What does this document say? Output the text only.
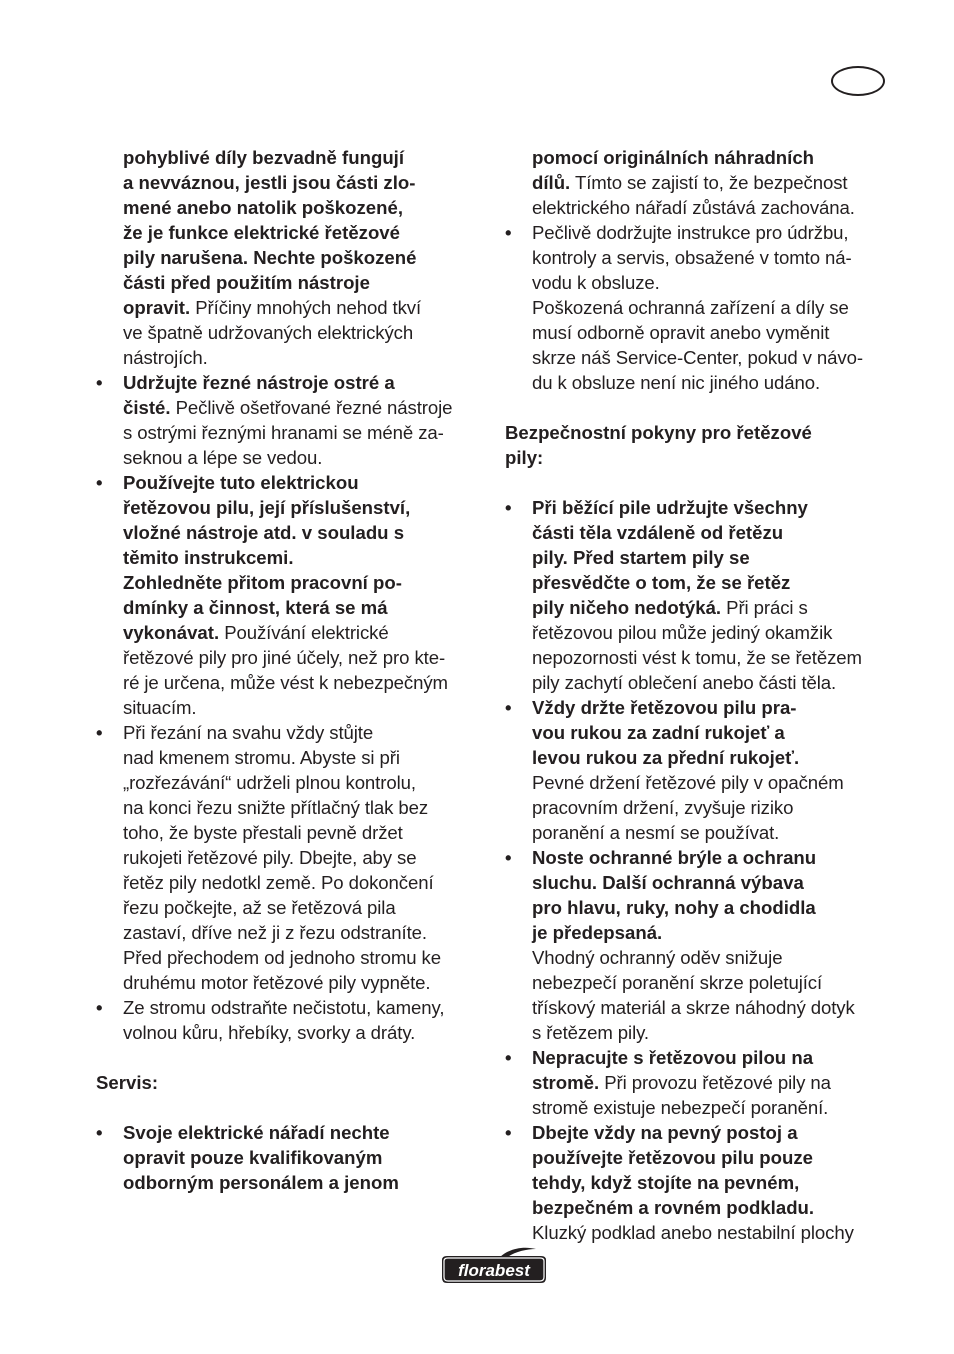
pohyblivé díly bezvadně fungují
a nevváznou, jestli jsou části zlo-
mené anebo natolik poškozené,
že je funkce elektrické řetězové
pily narušena. Nechte poškozené
části před použitím nástroje
opravit. Příčiny mnohých nehod tkví
ve špatně udržovaných elektrických
nástrojích.
•	Udržujte řezné nástroje ostré a
čisté. Pečlivě ošetřované řezné nástroje
s ostrými řeznými hranami se méně za-
seknou a lépe se vedou.
•	Používejte tuto elektrickou
řetězovou pilu, její příslušenství,
vložné nástroje atd. v souladu s
těmito instrukcemi.
Zohledněte přitom pracovní po-
dmínky a činnost, která se má
vykonávat. Používání elektrické
řetězové pily pro jiné účely, než pro kte-
ré je určena, může vést k nebezpečným
situacím.
•	Při řezání na svahu vždy stůjte
nad kmenem stromu. Abyste si při
„rozřezávání“ udrželi plnou kontrolu,
na konci řezu snižte přítlačný tlak bez
toho, že byste přestali pevně držet
rukojeti řetězové pily. Dbejte, aby se
řetěz pily nedotkl země. Po dokončení
řezu počkejte, až se řetězová pila
zastaví, dříve než ji z řezu odstraníte.
Před přechodem od jednoho stromu ke
druhému motor řetězové pily vypněte.
•	Ze stromu odstraňte nečistotu, kameny,
volnou kůru, hřebíky, svorky a dráty.
Servis:
•	Svoje elektrické nářadí nechte
opravit pouze kvalifikovaným
odborným personálem a jenom
pomocí originálních náhradních
dílů. Tímto se zajistí to, že bezpečnost
elektrického nářadí zůstává zachována.
•	Pečlivě dodržujte instrukce pro údržbu,
kontroly a servis, obsažené v tomto ná-
vodu k obsluze.
Poškozená ochranná zařízení a díly se
musí odborně opravit anebo vyměnit
skrze náš Service-Center, pokud v návo-
du k obsluze není nic jiného udáno.
Bezpečnostní pokyny pro řetězové
pily:
•	Při běžící pile udržujte všechny
části těla vzdáleně od řetězu
pily. Před startem pily se
přesvědčte o tom, že se řetěz
pily ničeho nedotýká. Při práci s
řetězovou pilou může jediný okamžik
nepozornosti vést k tomu, že se řetězem
pily zachytí oblečení anebo části těla.
•	Vždy držte řetězovou pilu pra-
vou rukou za zadní rukojeť a
levou rukou za přední rukojeť.
Pevné držení řetězové pily v opačném
pracovním držení, zvyšuje riziko
poranění a nesmí se používat.
•	Noste ochranné brýle a ochranu
sluchu. Další ochranná výbava
pro hlavu, ruky, nohy a chodidla
je předepsaná.
Vhodný ochranný oděv snižuje
nebezpečí poranění skrze poletující
třískový materiál a skrze náhodný dotyk
s řetězem pily.
•	Nepracujte s řetězovou pilou na
stromě. Při provozu řetězové pily na
stromě existuje nebezpečí poranění.
•	Dbejte vždy na pevný postoj a
používejte řetězovou pilu pouze
tehdy, když stojíte na pevném,
bezpečném a rovném podkladu.
Kluzký podklad anebo nestabilní plochy
florabest
